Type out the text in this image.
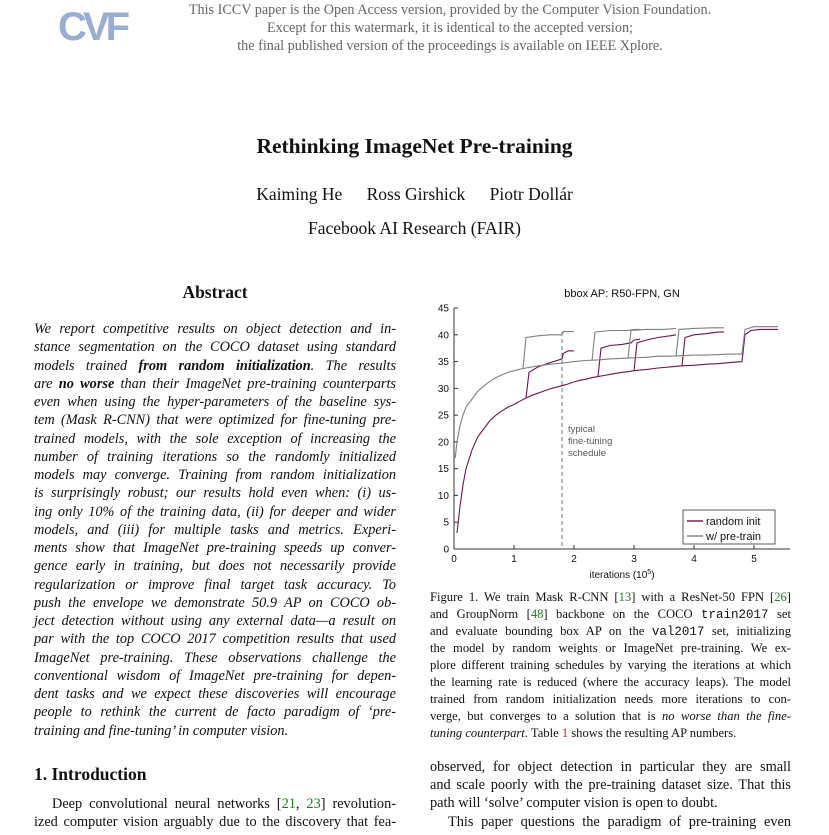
CVF	This ICCV paper is the Open Access version, provided by the Computer Vision Foundation.
Except for this watermark, it is identical to the accepted version;
the final published version of the proceedings is available on IEEE Xplore.
Rethinking ImageNet Pre-training
Kaiming He Ross Girshick Piotr Dollár
Facebook AI Research (FAIR)
Abstract
We report competitive results on object detection and in-
stance segmentation on the COCO dataset using standard
models trained from random initialization. The results
are no worse than their ImageNet pre-training counterparts
even when using the hyper-parameters of the baseline sys-
tem (Mask R-CNN) that were optimized for fine-tuning pre-
trained models, with the sole exception of increasing the
number of training iterations so the randomly initialized
models may converge. Training from random initialization
is surprisingly robust; our results hold even when: (i) us-
ing only 10% of the training data, (ii) for deeper and wider
models, and (iii) for multiple tasks and metrics. Experi-
ments show that ImageNet pre-training speeds up conver-
gence early in training, but does not necessarily provide
regularization or improve final target task accuracy. To
push the envelope we demonstrate 50.9 AP on COCO ob-
ject detection without using any external data—a result on
par with the top COCO 2017 competition results that used
ImageNet pre-training. These observations challenge the
conventional wisdom of ImageNet pre-training for depen-
dent tasks and we expect these discoveries will encourage
people to rethink the current de facto paradigm of ‘pre-
training and fine-tuning’ in computer vision.
1. Introduction
Deep convolutional neural networks [21, 23] revolution-
ized computer vision arguably due to the discovery that fea-
observed, for object detection in particular they are small
and scale poorly with the pre-training dataset size. That this
path will ‘solve’ computer vision is open to doubt.
This paper questions the paradigm of pre-training even
bbox AP: R50-FPN, GN
0
5
10
15
20
25
30
35
40
45
0	1	2	3	4	5
iterations $(10^5)$
typical
fine-tuning
schedule
random init
w/ pre-train
Figure 1. We train Mask R-CNN [13] with a ResNet-50 FPN [26]
and GroupNorm [48] backbone on the COCO train2017 set
and evaluate bounding box AP on the val2017 set, initializing
the model by random weights or ImageNet pre-training. We ex-
plore different training schedules by varying the iterations at which
the learning rate is reduced (where the accuracy leaps). The model
trained from random initialization needs more iterations to con-
verge, but converges to a solution that is no worse than the fine-
tuning counterpart. Table 1 shows the resulting AP numbers.
